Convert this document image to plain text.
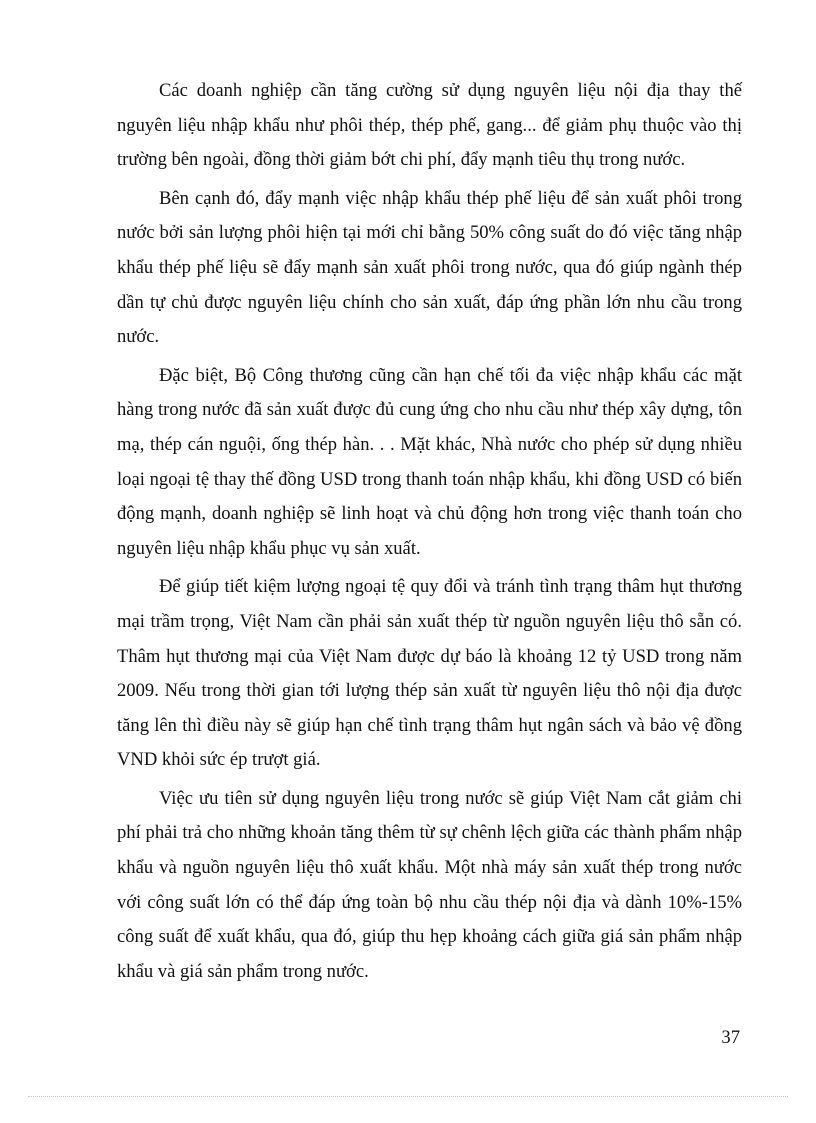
Các doanh nghiệp cần tăng cường sử dụng nguyên liệu nội địa thay thế nguyên liệu nhập khẩu như phôi thép, thép phế, gang... để giảm phụ thuộc vào thị trường bên ngoài, đồng thời giảm bớt chi phí, đẩy mạnh tiêu thụ trong nước.

Bên cạnh đó, đẩy mạnh việc nhập khẩu thép phế liệu để sản xuất phôi trong nước bởi sản lượng phôi hiện tại mới chỉ bằng 50% công suất do đó việc tăng nhập khẩu thép phế liệu sẽ đẩy mạnh sản xuất phôi trong nước, qua đó giúp ngành thép dần tự chủ được nguyên liệu chính cho sản xuất, đáp ứng phần lớn nhu cầu trong nước.

Đặc biệt, Bộ Công thương cũng cần hạn chế tối đa việc nhập khẩu các mặt hàng trong nước đã sản xuất được đủ cung ứng cho nhu cầu như thép xây dựng, tôn mạ, thép cán nguội, ống thép hàn. . . Mặt khác, Nhà nước cho phép sử dụng nhiều loại ngoại tệ thay thế đồng USD trong thanh toán nhập khẩu, khi đồng USD có biến động mạnh, doanh nghiệp sẽ linh hoạt và chủ động hơn trong việc thanh toán cho nguyên liệu nhập khẩu phục vụ sản xuất.

Để giúp tiết kiệm lượng ngoại tệ quy đổi và tránh tình trạng thâm hụt thương mại trầm trọng, Việt Nam cần phải sản xuất thép từ nguồn nguyên liệu thô sẵn có. Thâm hụt thương mại của Việt Nam được dự báo là khoảng 12 tỷ USD trong năm 2009. Nếu trong thời gian tới lượng thép sản xuất từ nguyên liệu thô nội địa được tăng lên thì điều này sẽ giúp hạn chế tình trạng thâm hụt ngân sách và bảo vệ đồng VND khỏi sức ép trượt giá.

Việc ưu tiên sử dụng nguyên liệu trong nước sẽ giúp Việt Nam cắt giảm chi phí phải trả cho những khoản tăng thêm từ sự chênh lệch giữa các thành phẩm nhập khẩu và nguồn nguyên liệu thô xuất khẩu. Một nhà máy sản xuất thép trong nước với công suất lớn có thể đáp ứng toàn bộ nhu cầu thép nội địa và dành 10%-15% công suất để xuất khẩu, qua đó, giúp thu hẹp khoảng cách giữa giá sản phẩm nhập khẩu và giá sản phẩm trong nước.

37
